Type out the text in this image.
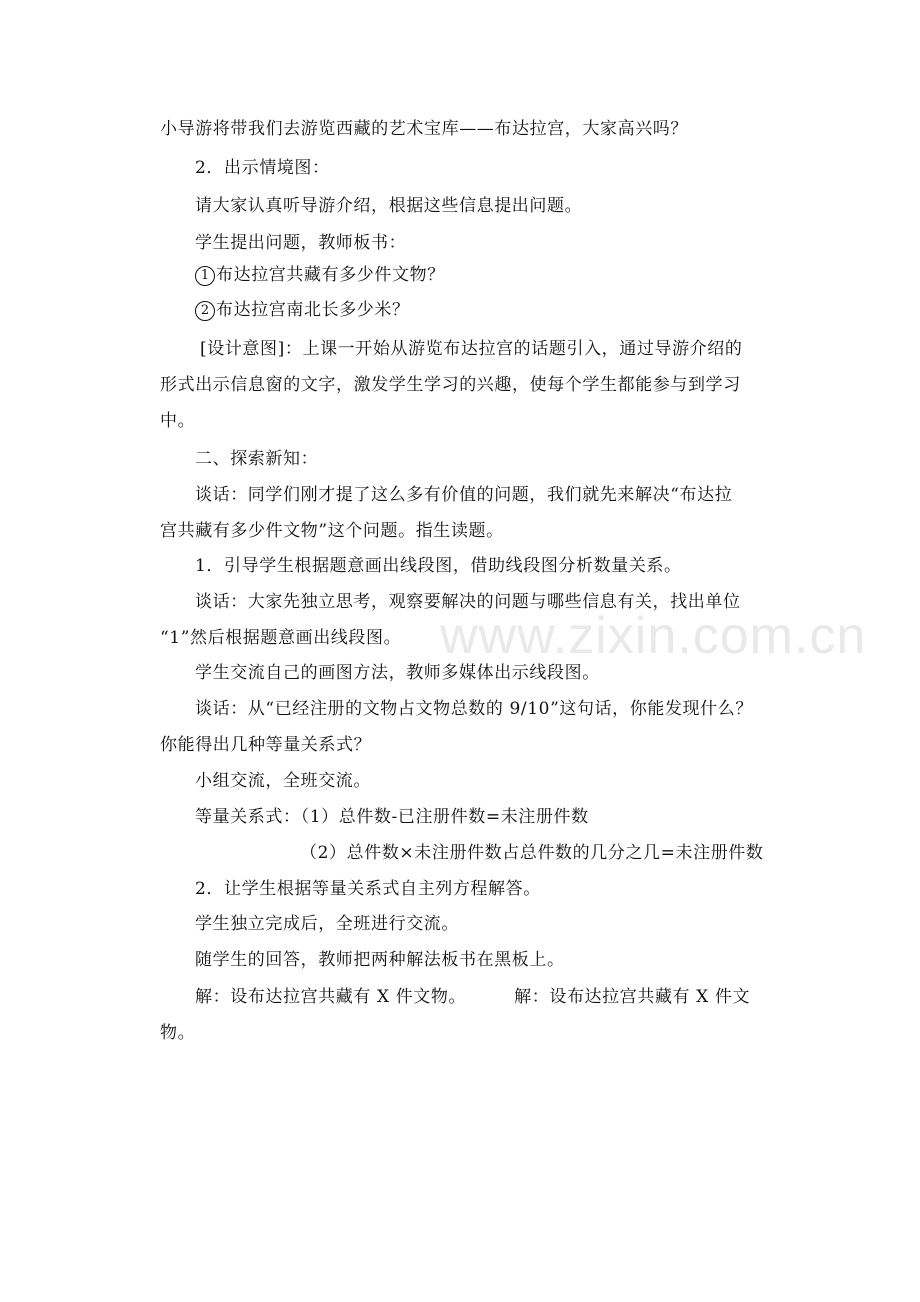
www.zixin.com.cn
小导游将带我们去游览西藏的艺术宝库——布达拉宫，大家高兴吗？
2．出示情境图：
请大家认真听导游介绍，根据这些信息提出问题。
学生提出问题，教师板书：
1 布达拉宫共藏有多少件文物？
2 布达拉宫南北长多少米？
[设计意图]：上课一开始从游览布达拉宫的话题引入，通过导游介绍的
形式出示信息窗的文字，激发学生学习的兴趣，使每个学生都能参与到学习
中。
二、探索新知：
谈话：同学们刚才提了这么多有价值的问题，我们就先来解决“布达拉
宫共藏有多少件文物”这个问题。指生读题。
1．引导学生根据题意画出线段图，借助线段图分析数量关系。
谈话：大家先独立思考，观察要解决的问题与哪些信息有关，找出单位
“1”然后根据题意画出线段图。
学生交流自己的画图方法，教师多媒体出示线段图。
谈话：从“已经注册的文物占文物总数的 9/10”这句话，你能发现什么？
你能得出几种等量关系式？
小组交流，全班交流。
等量关系式：（1）总件数-已注册件数=未注册件数
（2）总件数×未注册件数占总件数的几分之几=未注册件数
2．让学生根据等量关系式自主列方程解答。
学生独立完成后，全班进行交流。
随学生的回答，教师把两种解法板书在黑板上。
解：设布达拉宫共藏有 X 件文物。        解：设布达拉宫共藏有 X 件文
物。
